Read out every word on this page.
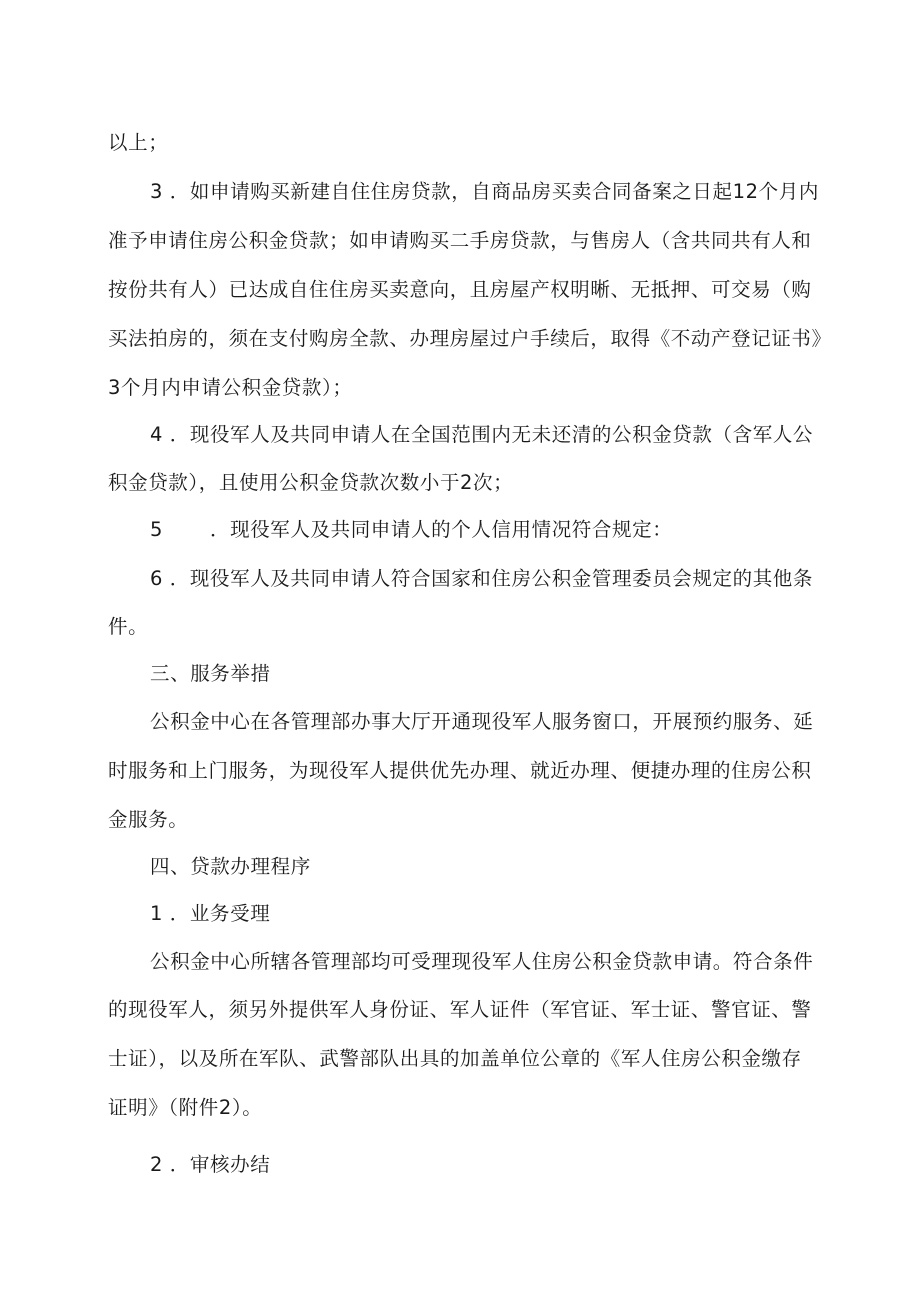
以上；

3 ．如申请购买新建自住住房贷款，自商品房买卖合同备案之日起12个月内

准予申请住房公积金贷款；如申请购买二手房贷款，与售房人（含共同共有人和

按份共有人）已达成自住住房买卖意向，且房屋产权明晰、无抵押、可交易（购

买法拍房的，须在支付购房全款、办理房屋过户手续后，取得《不动产登记证书》

3个月内申请公积金贷款）；

4 ．现役军人及共同申请人在全国范围内无未还清的公积金贷款（含军人公

积金贷款），且使用公积金贷款次数小于2次；

5 　　．现役军人及共同申请人的个人信用情况符合规定：

6 ．现役军人及共同申请人符合国家和住房公积金管理委员会规定的其他条

件。

三、服务举措

公积金中心在各管理部办事大厅开通现役军人服务窗口，开展预约服务、延

时服务和上门服务，为现役军人提供优先办理、就近办理、便捷办理的住房公积

金服务。

四、贷款办理程序

1 ．业务受理

公积金中心所辖各管理部均可受理现役军人住房公积金贷款申请。符合条件

的现役军人，须另外提供军人身份证、军人证件（军官证、军士证、警官证、警

士证），以及所在军队、武警部队出具的加盖单位公章的《军人住房公积金缴存

证明》（附件2）。

2 ．审核办结
